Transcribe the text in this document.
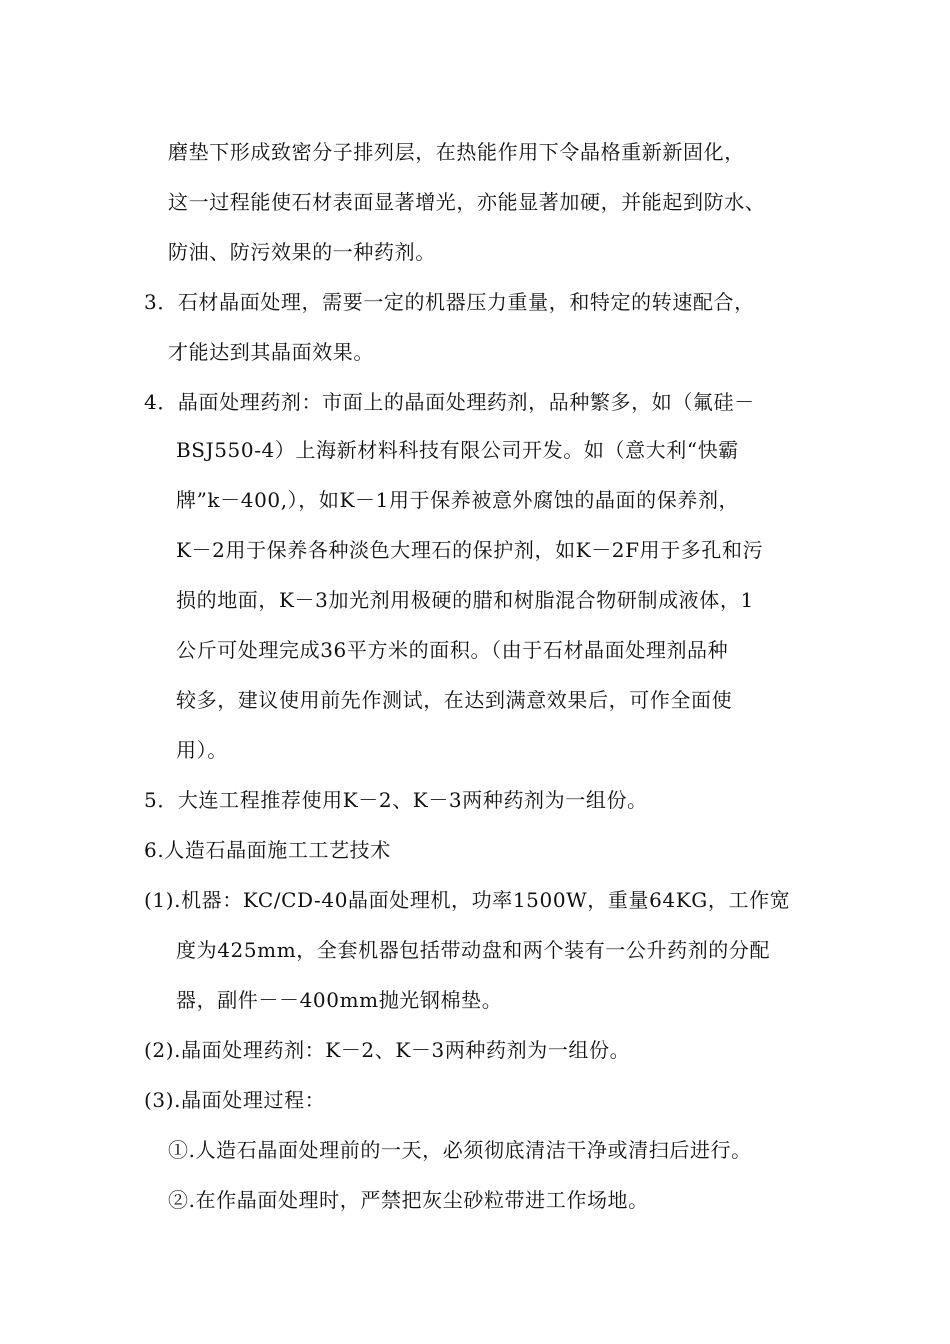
磨垫下形成致密分子排列层，在热能作用下令晶格重新新固化，
这一过程能使石材表面显著增光，亦能显著加硬，并能起到防水、
防油、防污效果的一种药剂。
3．石材晶面处理，需要一定的机器压力重量，和特定的转速配合，
才能达到其晶面效果。
4．晶面处理药剂：市面上的晶面处理药剂，品种繁多，如（氟硅－
BSJ550-4）上海新材料科技有限公司开发。如（意大利“快霸
牌”k－400,），如K－1用于保养被意外腐蚀的晶面的保养剂，
K－2用于保养各种淡色大理石的保护剂，如K－2F用于多孔和污
损的地面，K－3加光剂用极硬的腊和树脂混合物研制成液体，1
公斤可处理完成36平方米的面积。（由于石材晶面处理剂品种
较多，建议使用前先作测试，在达到满意效果后，可作全面使
用）。
5．大连工程推荐使用K－2、K－3两种药剂为一组份。
6.人造石晶面施工工艺技术
(1).机器：KC/CD-40晶面处理机，功率1500W，重量64KG，工作宽
度为425mm，全套机器包括带动盘和两个装有一公升药剂的分配
器，副件－－400mm抛光钢棉垫。
(2).晶面处理药剂：K－2、K－3两种药剂为一组份。
(3).晶面处理过程：
①.人造石晶面处理前的一天，必须彻底清洁干净或清扫后进行。
②.在作晶面处理时，严禁把灰尘砂粒带进工作场地。
